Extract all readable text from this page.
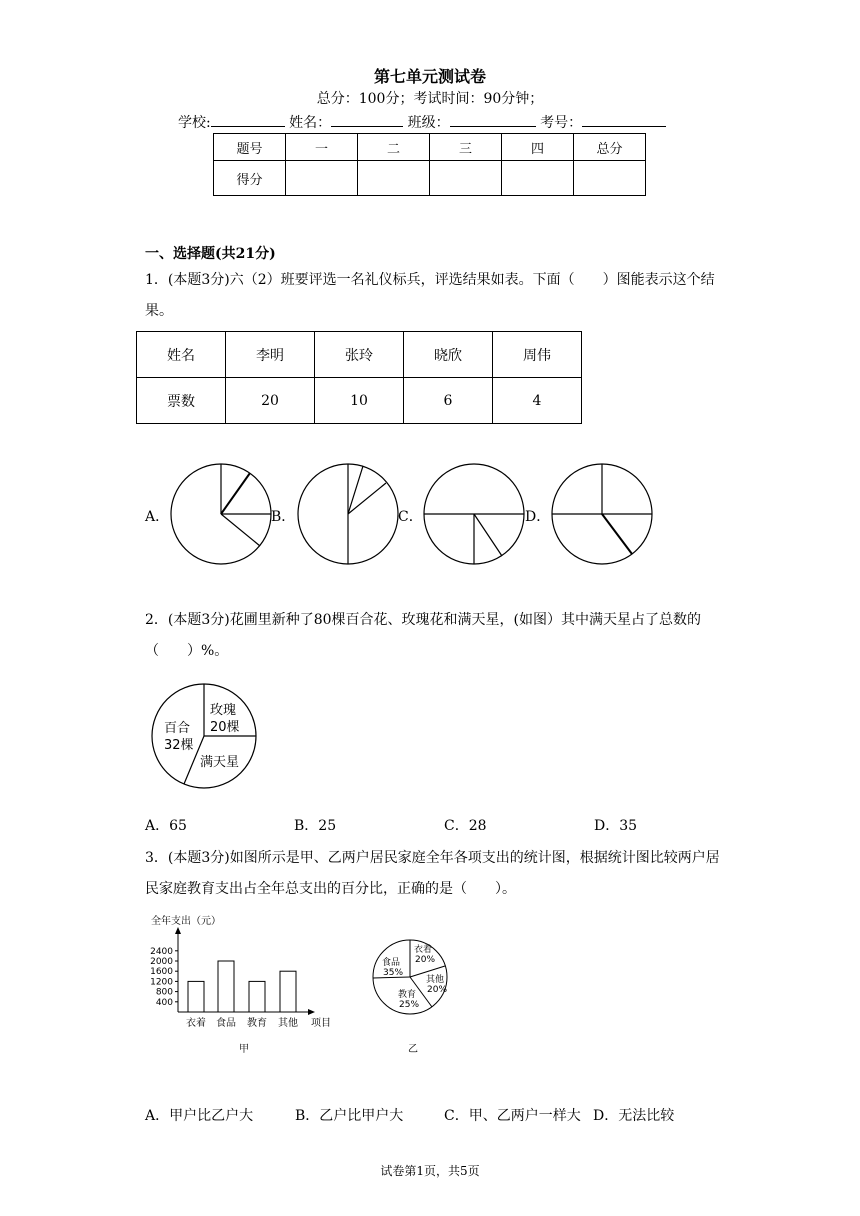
第七单元测试卷
总分：100分；考试时间：90分钟；
学校:	姓名：	班级：	考号：
题号	一	二	三	四	总分
得分					
一、选择题(共21分)
1．(本题3分)六（2）班要评选一名礼仪标兵，评选结果如表。下面（　　）图能表示这个结果。
姓名	李明	张玲	晓欣	周伟
票数	20	10	6	4
A．	B．	C．	D．
2．(本题3分)花圃里新种了80棵百合花、玫瑰花和满天星，(如图）其中满天星占了总数的（　　）%。
百合
32棵
玫瑰
20棵
满天星
A．65	B．25	C．28	D．35
3．(本题3分)如图所示是甲、乙两户居民家庭全年各项支出的统计图，根据统计图比较两户居民家庭教育支出占全年总支出的百分比，正确的是（　　）。
全年支出（元）
400
800
1200
1600
2000
2400
衣着 食品 教育 其他 项目
甲
食品
35%
衣着
20%
其他
20%
教育
25%
乙
A．甲户比乙户大	B．乙户比甲户大	C．甲、乙两户一样大 D．无法比较
试卷第1页，共5页
